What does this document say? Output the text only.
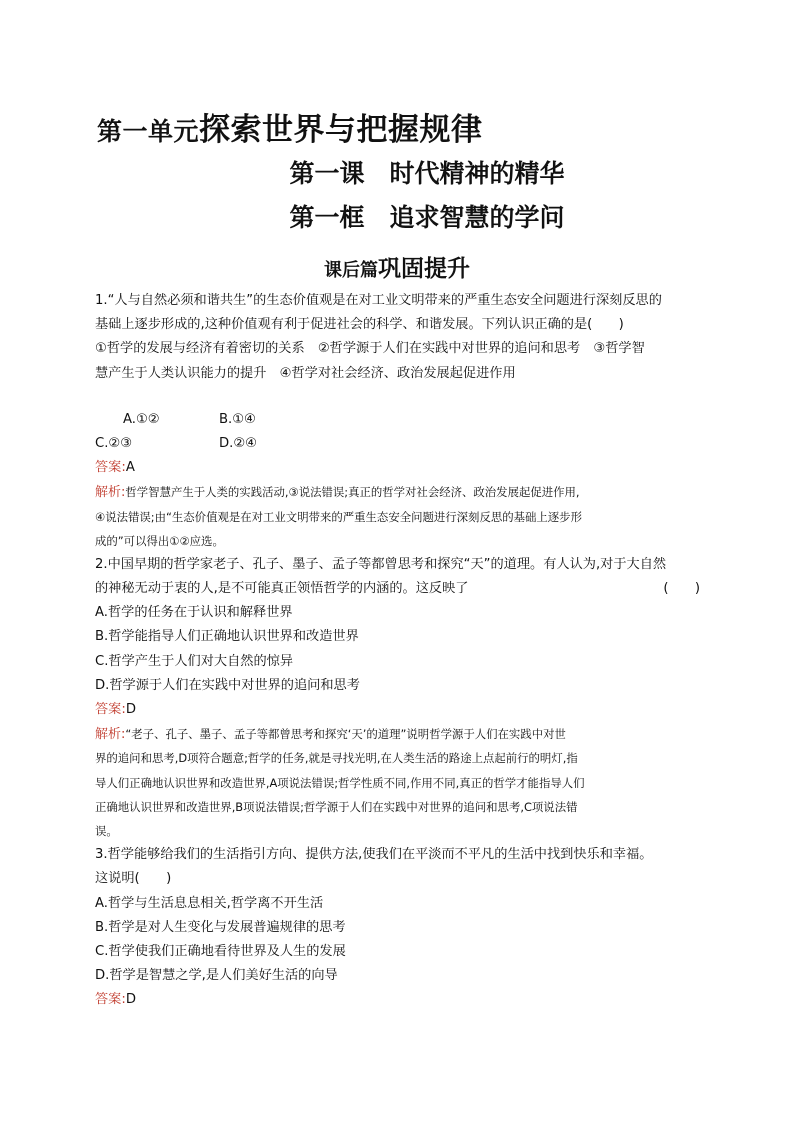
第一单元探索世界与把握规律
第一课　时代精神的精华
第一框　追求智慧的学问
课后篇巩固提升
1.“人与自然必须和谐共生”的生态价值观是在对工业文明带来的严重生态安全问题进行深刻反思的
基础上逐步形成的,这种价值观有利于促进社会的科学、和谐发展。下列认识正确的是(　　)
①哲学的发展与经济有着密切的关系　②哲学源于人们在实践中对世界的追问和思考　③哲学智
慧产生于人类认识能力的提升　④哲学对社会经济、政治发展起促进作用
A.①②	B.①④
C.②③	D.②④
答案:A
解析:哲学智慧产生于人类的实践活动,③说法错误;真正的哲学对社会经济、政治发展起促进作用,
④说法错误;由“生态价值观是在对工业文明带来的严重生态安全问题进行深刻反思的基础上逐步形
成的”可以得出①②应选。
2.中国早期的哲学家老子、孔子、墨子、孟子等都曾思考和探究“天”的道理。有人认为,对于大自然
的神秘无动于衷的人,是不可能真正领悟哲学的内涵的。这反映了	(　　)
A.哲学的任务在于认识和解释世界
B.哲学能指导人们正确地认识世界和改造世界
C.哲学产生于人们对大自然的惊异
D.哲学源于人们在实践中对世界的追问和思考
答案:D
解析:“老子、孔子、墨子、孟子等都曾思考和探究‘天’的道理”说明哲学源于人们在实践中对世
界的追问和思考,D项符合题意;哲学的任务,就是寻找光明,在人类生活的路途上点起前行的明灯,指
导人们正确地认识世界和改造世界,A项说法错误;哲学性质不同,作用不同,真正的哲学才能指导人们
正确地认识世界和改造世界,B项说法错误;哲学源于人们在实践中对世界的追问和思考,C项说法错
误。
3.哲学能够给我们的生活指引方向、提供方法,使我们在平淡而不平凡的生活中找到快乐和幸福。
这说明(　　)
A.哲学与生活息息相关,哲学离不开生活
B.哲学是对人生变化与发展普遍规律的思考
C.哲学使我们正确地看待世界及人生的发展
D.哲学是智慧之学,是人们美好生活的向导
答案:D
